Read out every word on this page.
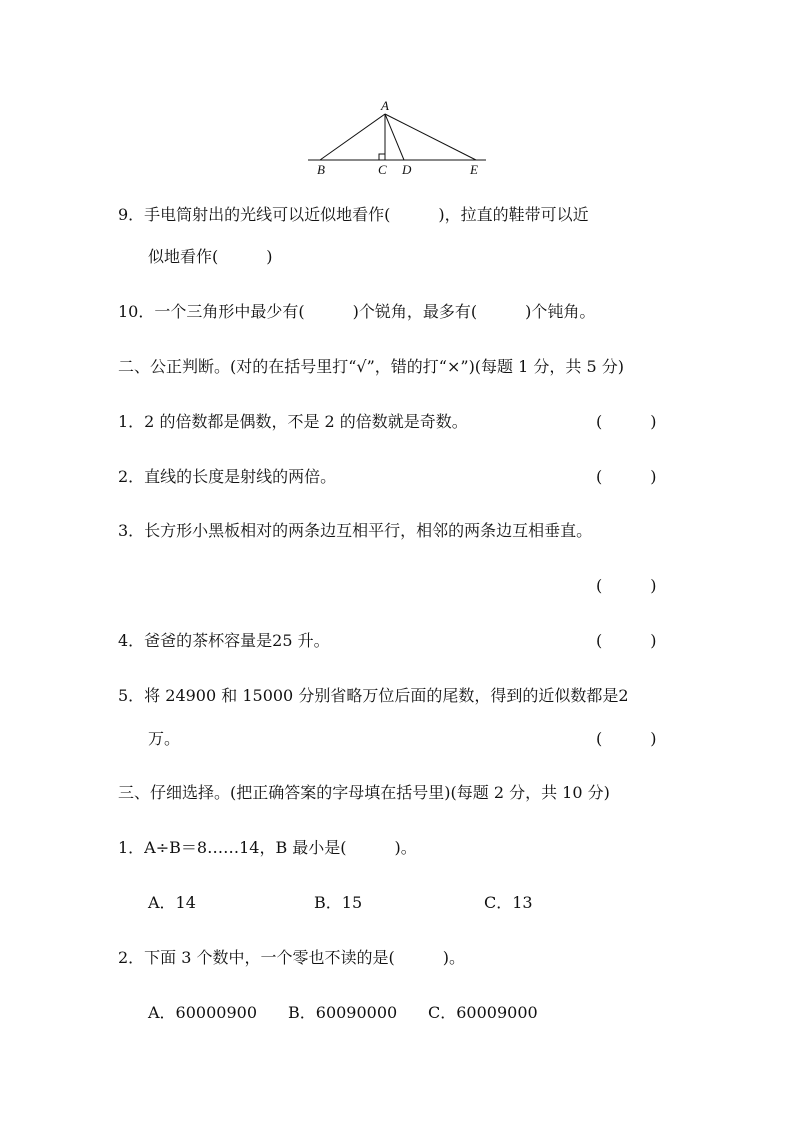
A
B	C D	E
9．手电筒射出的光线可以近似地看作(　　　)，拉直的鞋带可以近
似地看作(　　　)
10．一个三角形中最少有(　　　)个锐角，最多有(　　　)个钝角。
二、公正判断。(对的在括号里打“√”，错的打“×”)(每题 1 分，共 5 分)
1．2 的倍数都是偶数，不是 2 的倍数就是奇数。	(　　　)
2．直线的长度是射线的两倍。	(　　　)
3．长方形小黑板相对的两条边互相平行，相邻的两条边互相垂直。
(　　　)
4．爸爸的茶杯容量是25 升。	(　　　)
5．将 24900 和 15000 分别省略万位后面的尾数，得到的近似数都是2
万。	(　　　)
三、仔细选择。(把正确答案的字母填在括号里)(每题 2 分，共 10 分)
1．A÷B＝8……14，B 最小是(　　　)。
A．14	B．15	C．13
2．下面 3 个数中，一个零也不读的是(　　　)。
A．60000900 B．60090000 C．60009000
